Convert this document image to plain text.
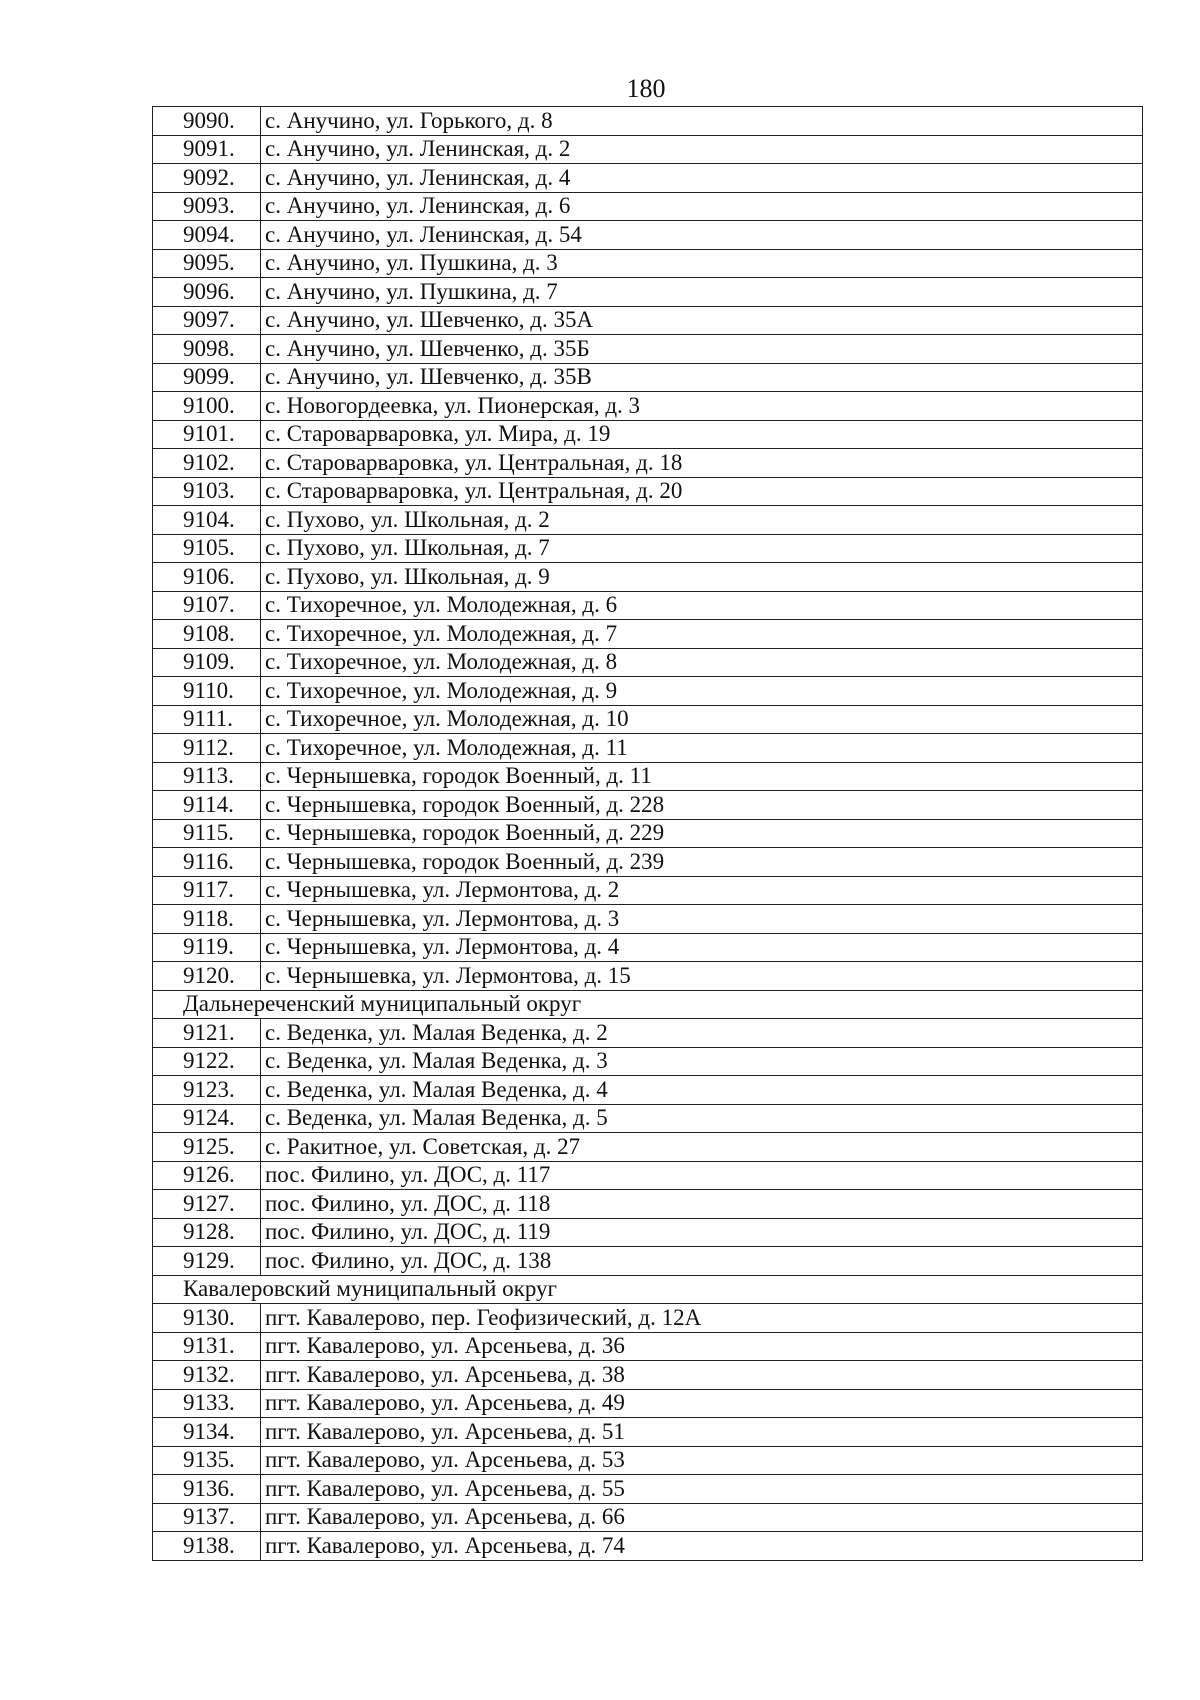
180
9090.	с. Анучино, ул. Горького, д. 8
9091.	с. Анучино, ул. Ленинская, д. 2
9092.	с. Анучино, ул. Ленинская, д. 4
9093.	с. Анучино, ул. Ленинская, д. 6
9094.	с. Анучино, ул. Ленинская, д. 54
9095.	с. Анучино, ул. Пушкина, д. 3
9096.	с. Анучино, ул. Пушкина, д. 7
9097.	с. Анучино, ул. Шевченко, д. 35А
9098.	с. Анучино, ул. Шевченко, д. 35Б
9099.	с. Анучино, ул. Шевченко, д. 35В
9100.	с. Новогордеевка, ул. Пионерская, д. 3
9101.	с. Староварваровка, ул. Мира, д. 19
9102.	с. Староварваровка, ул. Центральная, д. 18
9103.	с. Староварваровка, ул. Центральная, д. 20
9104.	с. Пухово, ул. Школьная, д. 2
9105.	с. Пухово, ул. Школьная, д. 7
9106.	с. Пухово, ул. Школьная, д. 9
9107.	с. Тихоречное, ул. Молодежная, д. 6
9108.	с. Тихоречное, ул. Молодежная, д. 7
9109.	с. Тихоречное, ул. Молодежная, д. 8
9110.	с. Тихоречное, ул. Молодежная, д. 9
9111.	с. Тихоречное, ул. Молодежная, д. 10
9112.	с. Тихоречное, ул. Молодежная, д. 11
9113.	с. Чернышевка, городок Военный, д. 11
9114.	с. Чернышевка, городок Военный, д. 228
9115.	с. Чернышевка, городок Военный, д. 229
9116.	с. Чернышевка, городок Военный, д. 239
9117.	с. Чернышевка, ул. Лермонтова, д. 2
9118.	с. Чернышевка, ул. Лермонтова, д. 3
9119.	с. Чернышевка, ул. Лермонтова, д. 4
9120.	с. Чернышевка, ул. Лермонтова, д. 15
Дальнереченский муниципальный округ	
9121.	с. Веденка, ул. Малая Веденка, д. 2
9122.	с. Веденка, ул. Малая Веденка, д. 3
9123.	с. Веденка, ул. Малая Веденка, д. 4
9124.	с. Веденка, ул. Малая Веденка, д. 5
9125.	с. Ракитное, ул. Советская, д. 27
9126.	пос. Филино, ул. ДОС, д. 117
9127.	пос. Филино, ул. ДОС, д. 118
9128.	пос. Филино, ул. ДОС, д. 119
9129.	пос. Филино, ул. ДОС, д. 138
Кавалеровский муниципальный округ	
9130.	пгт. Кавалерово, пер. Геофизический, д. 12А
9131.	пгт. Кавалерово, ул. Арсеньева, д. 36
9132.	пгт. Кавалерово, ул. Арсеньева, д. 38
9133.	пгт. Кавалерово, ул. Арсеньева, д. 49
9134.	пгт. Кавалерово, ул. Арсеньева, д. 51
9135.	пгт. Кавалерово, ул. Арсеньева, д. 53
9136.	пгт. Кавалерово, ул. Арсеньева, д. 55
9137.	пгт. Кавалерово, ул. Арсеньева, д. 66
9138.	пгт. Кавалерово, ул. Арсеньева, д. 74
